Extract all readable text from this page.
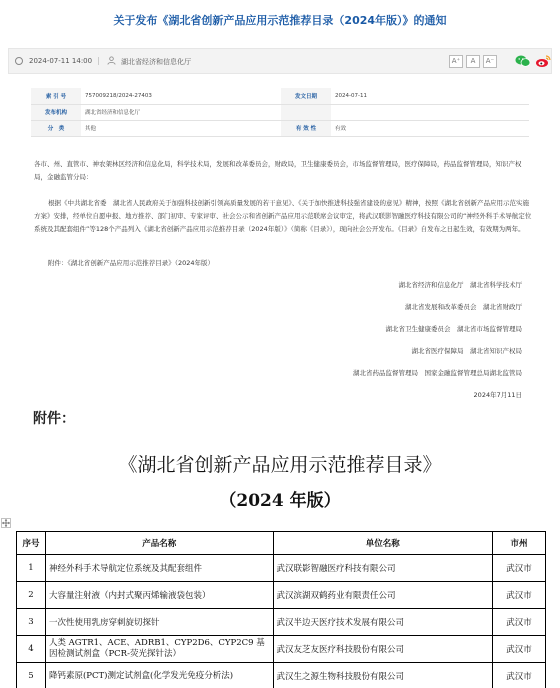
关于发布《湖北省创新产品应用示范推荐目录（2024年版）》的通知
2024-07-11 14:00 |	湖北省经济和信息化厅	A⁺	A	A⁻
索 引 号	757009218/2024-27403	发文日期	2024-07-11
发布机构	湖北省经济和信息化厅		
分　类	其他	有 效 性	有效
各市、州、直管市、神农架林区经济和信息化局，科学技术局，发展和改革委员会，财政局，卫生健康委员会，市场监督管理局，医疗保障局，药品监督管理局，知识产权局，金融监管分局：
根据《中共湖北省委　湖北省人民政府关于加强科技创新引领高质量发展的若干意见》、《关于加快推进科技强省建设的意见》精神，按照《湖北省创新产品应用示范实施方案》安排，经单位自愿申报、地方推荐、部门初审、专家评审、社会公示和省创新产品应用示范联席会议审定，将武汉联影智融医疗科技有限公司的“神经外科手术导航定位系统及其配套组件”等128个产品列入《湖北省创新产品应用示范推荐目录（2024年版）》（简称《目录》），现向社会公开发布。《目录》自发布之日起生效，有效期为两年。
附件：《湖北省创新产品应用示范推荐目录》（2024年版）
湖北省经济和信息化厅　湖北省科学技术厅
湖北省发展和改革委员会　湖北省财政厅
湖北省卫生健康委员会　湖北省市场监督管理局
湖北省医疗保障局　湖北省知识产权局
湖北省药品监督管理局　国家金融监督管理总局湖北监管局
2024年7月11日
附件：
《湖北省创新产品应用示范推荐目录》
（2024 年版）
序号	产品名称	单位名称	市州
1	神经外科手术导航定位系统及其配套组件	武汉联影智融医疗科技有限公司	武汉市
2	大容量注射液（内封式聚丙烯输液袋包装）	武汉滨湖双鹤药业有限责任公司	武汉市
3	一次性使用乳房穿刺旋切探针	武汉半边天医疗技术发展有限公司	武汉市
4	人类 AGTR1、ACE、ADRB1、CYP2D6、CYP2C9 基因检测试剂盒（PCR-荧光探针法）	武汉友芝友医疗科技股份有限公司	武汉市
5	降钙素原(PCT)测定试剂盒(化学发光免疫分析法)	武汉生之源生物科技股份有限公司	武汉市
